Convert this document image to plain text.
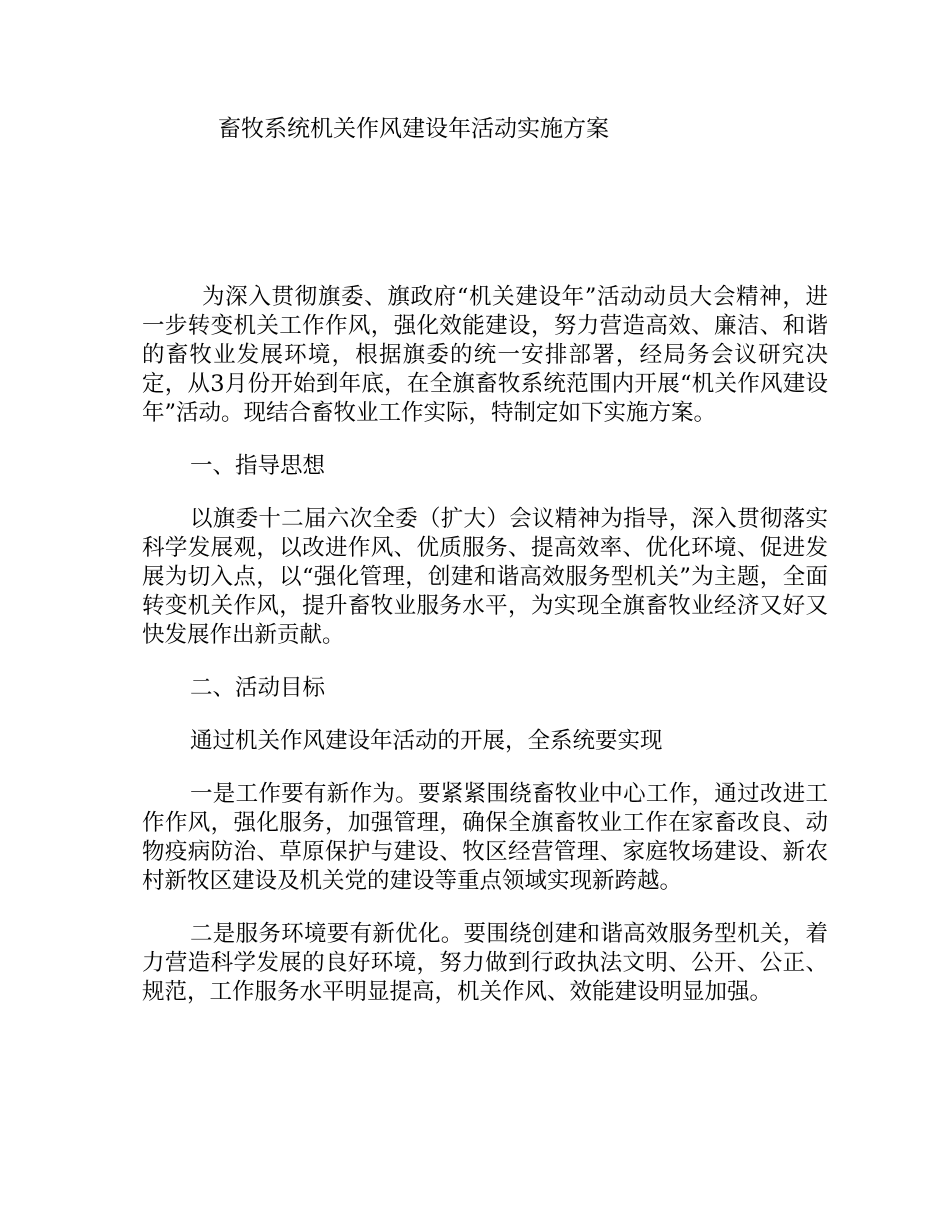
畜牧系统机关作风建设年活动实施方案

为深入贯彻旗委、旗政府“机关建设年”活动动员大会精神，进一步转变机关工作作风，强化效能建设，努力营造高效、廉洁、和谐的畜牧业发展环境，根据旗委的统一安排部署，经局务会议研究决定，从3月份开始到年底，在全旗畜牧系统范围内开展“机关作风建设年”活动。现结合畜牧业工作实际，特制定如下实施方案。

一、指导思想

以旗委十二届六次全委（扩大）会议精神为指导，深入贯彻落实科学发展观，以改进作风、优质服务、提高效率、优化环境、促进发展为切入点，以“强化管理，创建和谐高效服务型机关”为主题，全面转变机关作风，提升畜牧业服务水平，为实现全旗畜牧业经济又好又快发展作出新贡献。

二、活动目标

通过机关作风建设年活动的开展，全系统要实现

一是工作要有新作为。要紧紧围绕畜牧业中心工作，通过改进工作作风，强化服务，加强管理，确保全旗畜牧业工作在家畜改良、动物疫病防治、草原保护与建设、牧区经营管理、家庭牧场建设、新农村新牧区建设及机关党的建设等重点领域实现新跨越。

二是服务环境要有新优化。要围绕创建和谐高效服务型机关，着力营造科学发展的良好环境，努力做到行政执法文明、公开、公正、规范，工作服务水平明显提高，机关作风、效能建设明显加强。
